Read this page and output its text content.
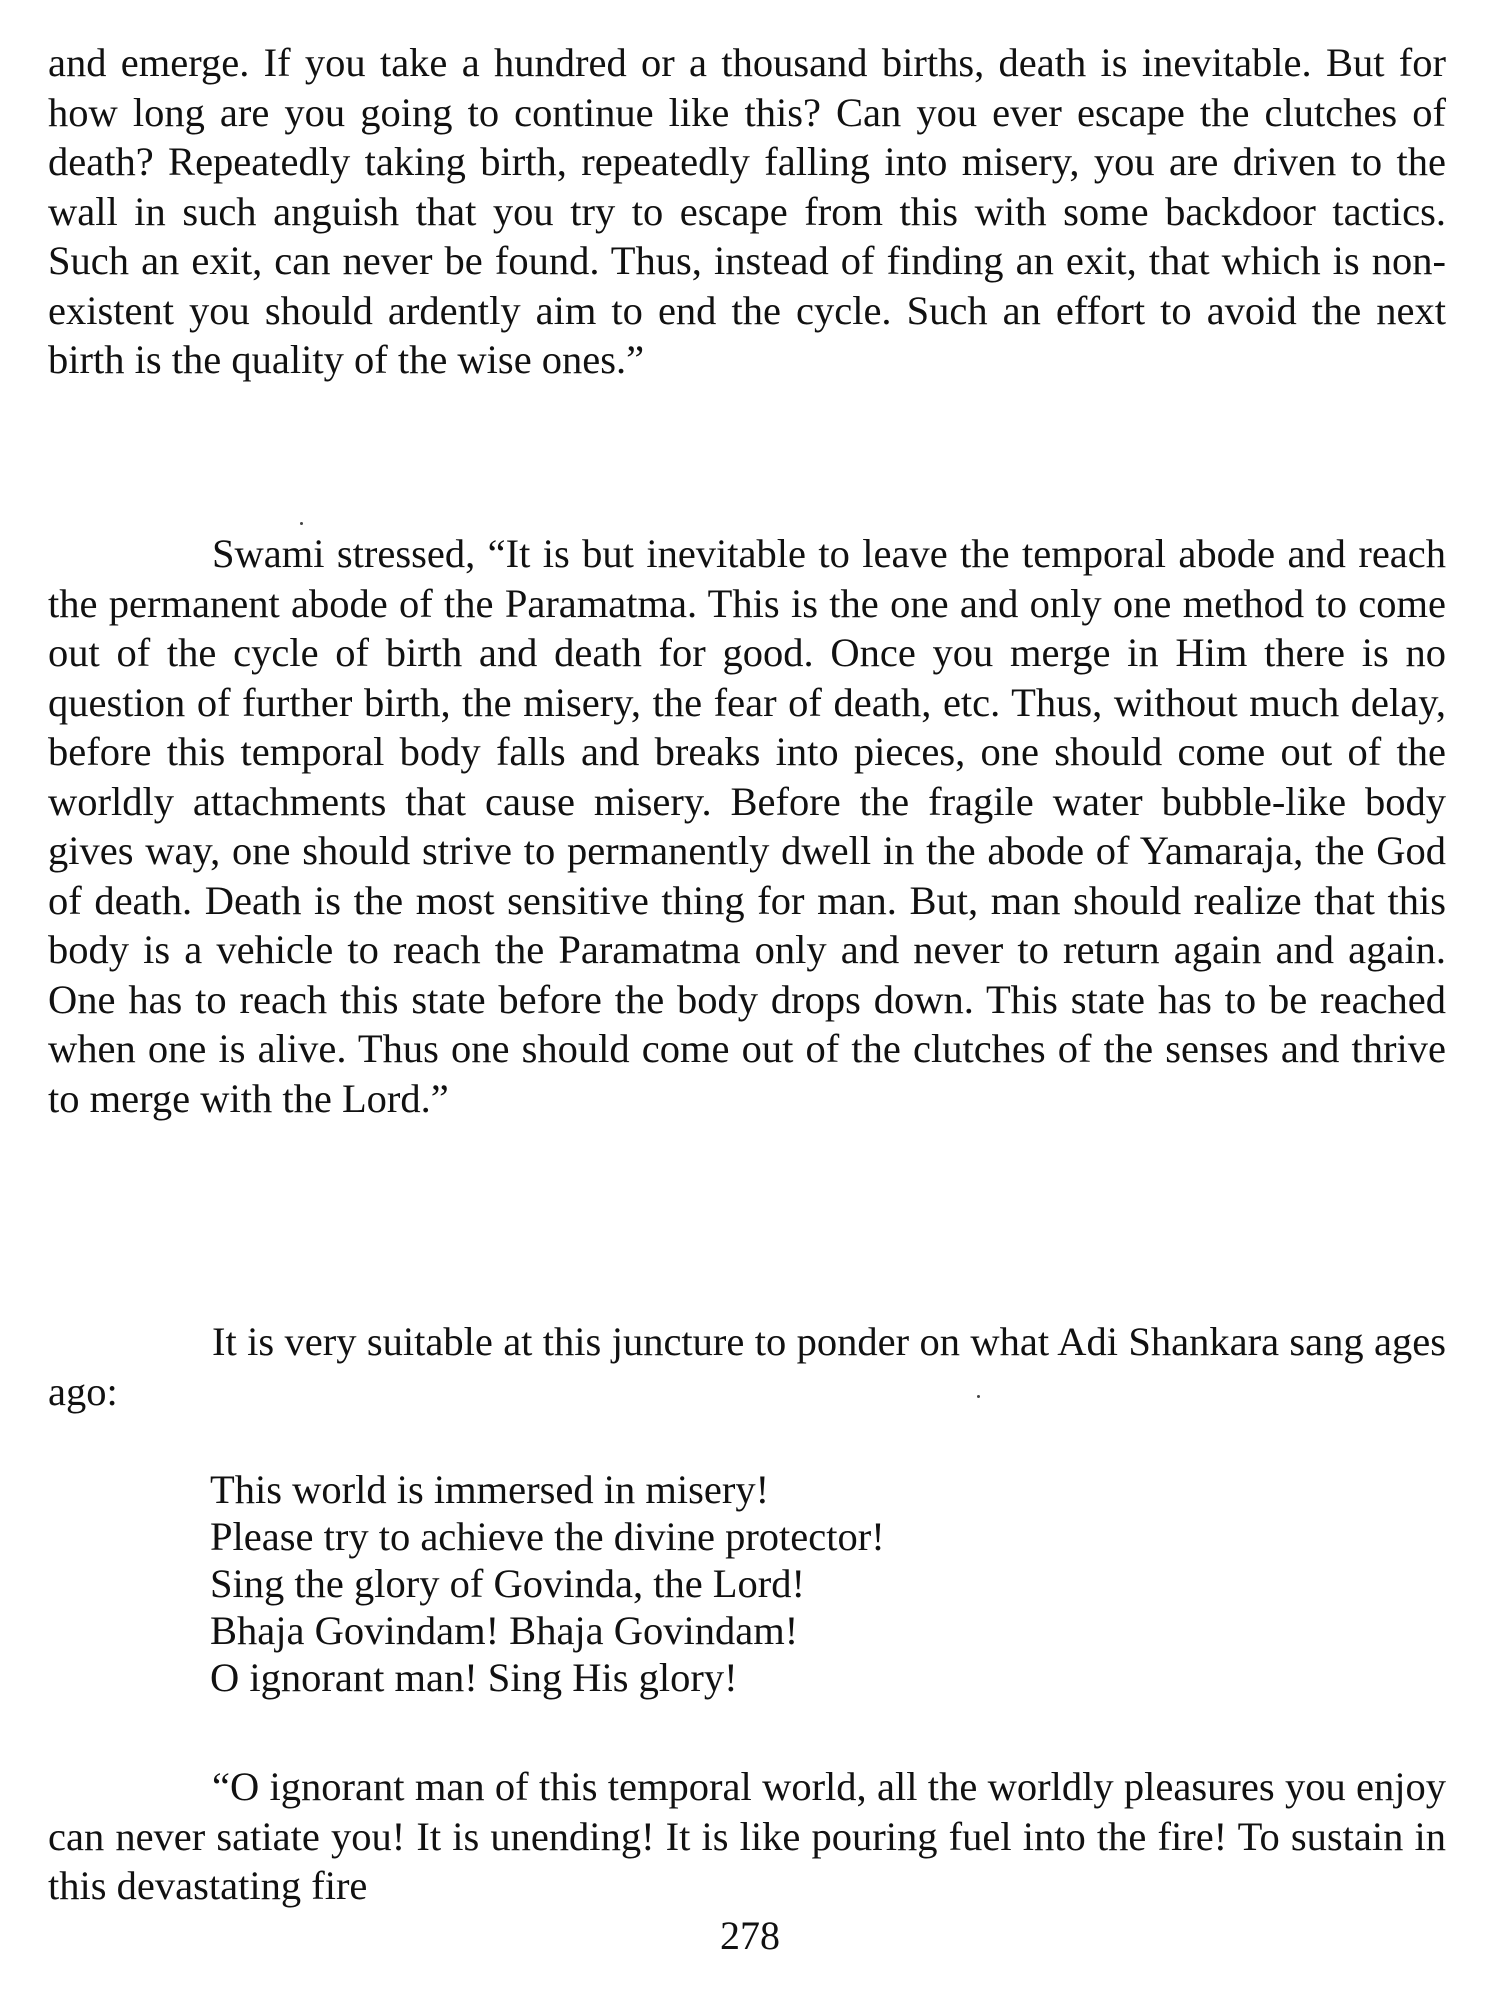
and emerge. If you take a hundred or a thousand births, death is inevitable. But for how long are you going to continue like this? Can you ever escape the clutches of death? Repeatedly taking birth, repeatedly falling into misery, you are driven to the wall in such anguish that you try to escape from this with some backdoor tactics. Such an exit, can never be found. Thus, instead of finding an exit, that which is non-existent you should ardently aim to end the cycle. Such an effort to avoid the next birth is the quality of the wise ones.”

Swami stressed, “It is but inevitable to leave the temporal abode and reach the permanent abode of the Paramatma. This is the one and only one method to come out of the cycle of birth and death for good. Once you merge in Him there is no question of further birth, the misery, the fear of death, etc. Thus, without much delay, before this temporal body falls and breaks into pieces, one should come out of the worldly attachments that cause misery. Before the fragile water bubble-like body gives way, one should strive to permanently dwell in the abode of Yamaraja, the God of death. Death is the most sensitive thing for man. But, man should realize that this body is a vehicle to reach the Paramatma only and never to return again and again. One has to reach this state before the body drops down. This state has to be reached when one is alive. Thus one should come out of the clutches of the senses and thrive to merge with the Lord.”

It is very suitable at this juncture to ponder on what Adi Shankara sang ages ago:

This world is immersed in misery!
Please try to achieve the divine protector!
Sing the glory of Govinda, the Lord!
Bhaja Govindam! Bhaja Govindam!
O ignorant man! Sing His glory!

“O ignorant man of this temporal world, all the worldly pleasures you enjoy can never satiate you! It is unending! It is like pouring fuel into the fire! To sustain in this devastating fire

278
